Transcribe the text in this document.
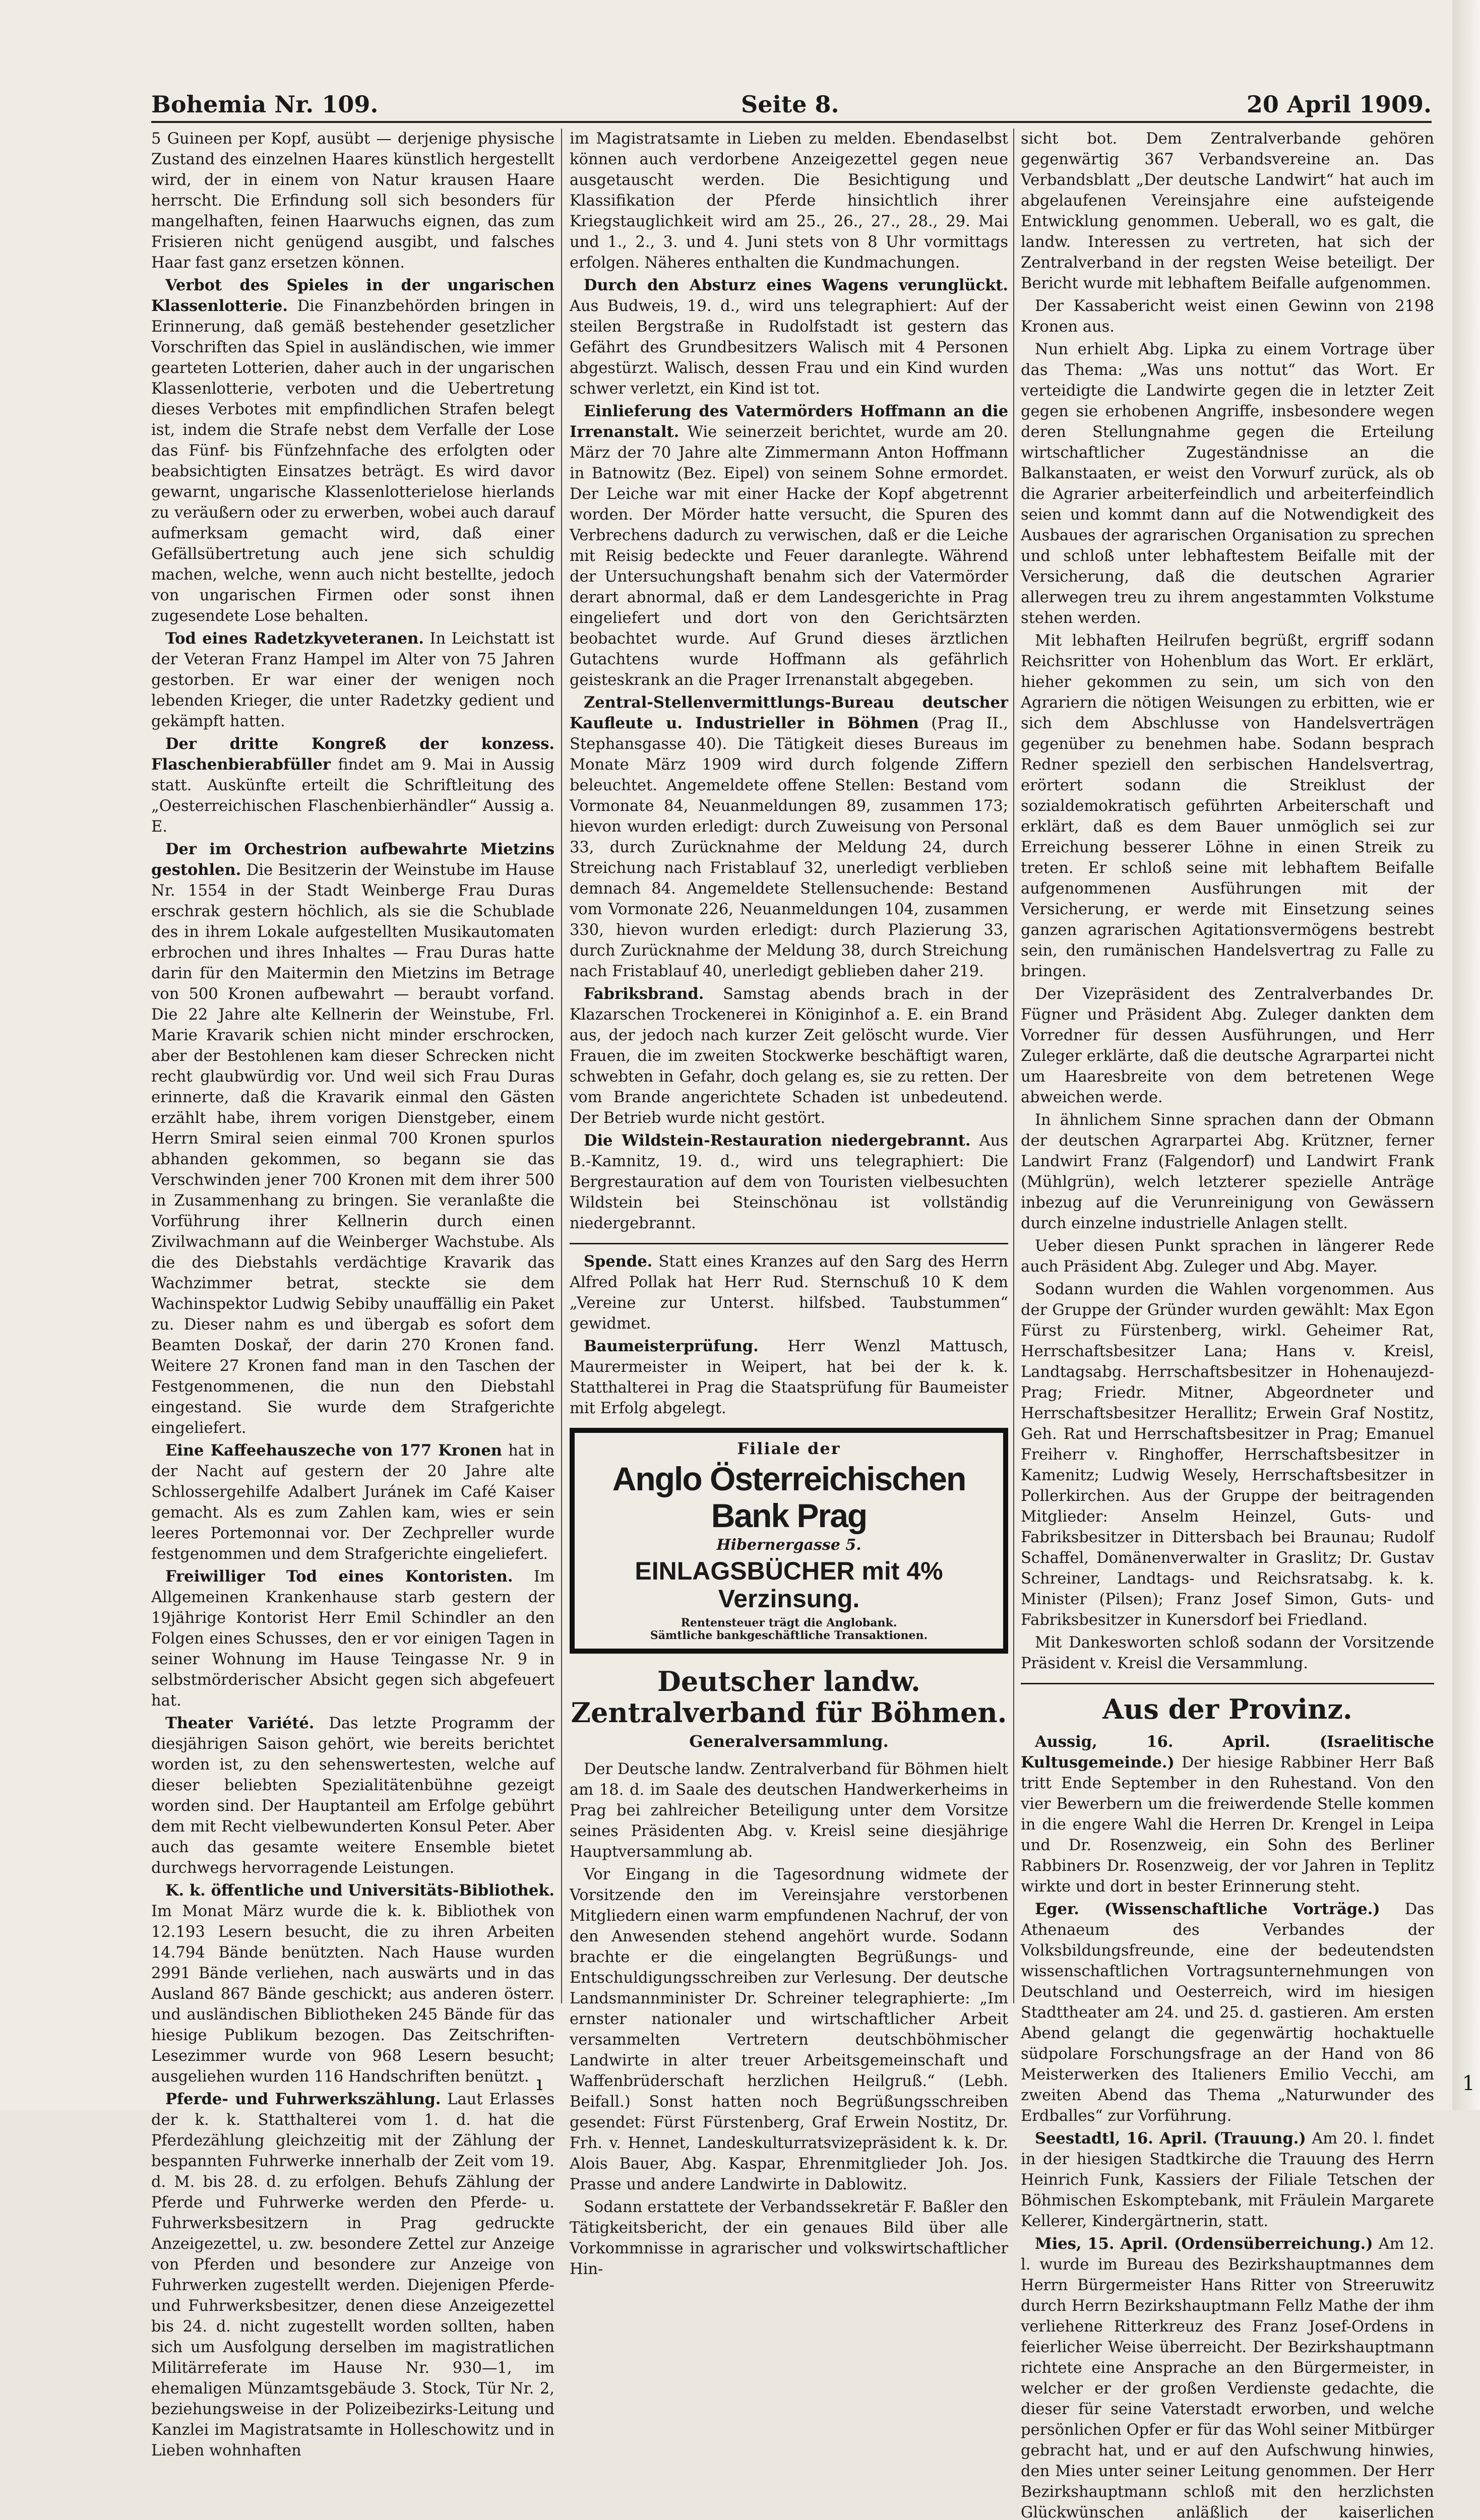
Bohemia Nr. 109.	Seite 8.	20 April 1909.

5 Guineen per Kopf, ausübt — derjenige physische Zustand des einzelnen Haares künstlich hergestellt wird, der in einem von Natur krausen Haare herrscht. Die Erfindung soll sich besonders für mangelhaften, feinen Haarwuchs eignen, das zum Frisieren nicht genügend ausgibt, und falsches Haar fast ganz ersetzen können.

Verbot des Spieles in der ungarischen Klassenlotterie. Die Finanzbehörden bringen in Erinnerung, daß gemäß bestehender gesetzlicher Vorschriften das Spiel in ausländischen, wie immer gearteten Lotterien, daher auch in der ungarischen Klassenlotterie, verboten und die Uebertretung dieses Verbotes mit empfindlichen Strafen belegt ist, indem die Strafe nebst dem Verfalle der Lose das Fünf- bis Fünfzehnfache des erfolgten oder beabsichtigten Einsatzes beträgt. Es wird davor gewarnt, ungarische Klassenlotterielose hierlands zu veräußern oder zu erwerben, wobei auch darauf aufmerksam gemacht wird, daß einer Gefällsübertretung auch jene sich schuldig machen, welche, wenn auch nicht bestellte, jedoch von ungarischen Firmen oder sonst ihnen zugesendete Lose behalten.

Tod eines Radetzkyveteranen. In Leichstatt ist der Veteran Franz Hampel im Alter von 75 Jahren gestorben. Er war einer der wenigen noch lebenden Krieger, die unter Radetzky gedient und gekämpft hatten.

Der dritte Kongreß der konzess. Flaschenbierabfüller findet am 9. Mai in Aussig statt. Auskünfte erteilt die Schriftleitung des „Oesterreichischen Flaschenbierhändler“ Aussig a. E.

Der im Orchestrion aufbewahrte Mietzins gestohlen. Die Besitzerin der Weinstube im Hause Nr. 1554 in der Stadt Weinberge Frau Duras erschrak gestern höchlich, als sie die Schublade des in ihrem Lokale aufgestellten Musikautomaten erbrochen und ihres Inhaltes — Frau Duras hatte darin für den Maitermin den Mietzins im Betrage von 500 Kronen aufbewahrt — beraubt vorfand. Die 22 Jahre alte Kellnerin der Weinstube, Frl. Marie Kravarik schien nicht minder erschrocken, aber der Bestohlenen kam dieser Schrecken nicht recht glaubwürdig vor. Und weil sich Frau Duras erinnerte, daß die Kravarik einmal den Gästen erzählt habe, ihrem vorigen Dienstgeber, einem Herrn Smiral seien einmal 700 Kronen spurlos abhanden gekommen, so begann sie das Verschwinden jener 700 Kronen mit dem ihrer 500 in Zusammenhang zu bringen. Sie veranlaßte die Vorführung ihrer Kellnerin durch einen Zivilwachmann auf die Weinberger Wachstube. Als die des Diebstahls verdächtige Kravarik das Wachzimmer betrat, steckte sie dem Wachinspektor Ludwig Sebiby unauffällig ein Paket zu. Dieser nahm es und übergab es sofort dem Beamten Doskař, der darin 270 Kronen fand. Weitere 27 Kronen fand man in den Taschen der Festgenommenen, die nun den Diebstahl eingestand. Sie wurde dem Strafgerichte eingeliefert.

Eine Kaffeehauszeche von 177 Kronen hat in der Nacht auf gestern der 20 Jahre alte Schlossergehilfe Adalbert Juránek im Café Kaiser gemacht. Als es zum Zahlen kam, wies er sein leeres Portemonnai vor. Der Zechpreller wurde festgenommen und dem Strafgerichte eingeliefert.

Freiwilliger Tod eines Kontoristen. Im Allgemeinen Krankenhause starb gestern der 19jährige Kontorist Herr Emil Schindler an den Folgen eines Schusses, den er vor einigen Tagen in seiner Wohnung im Hause Teingasse Nr. 9 in selbstmörderischer Absicht gegen sich abgefeuert hat.

Theater Variété. Das letzte Programm der diesjährigen Saison gehört, wie bereits berichtet worden ist, zu den sehenswertesten, welche auf dieser beliebten Spezialitätenbühne gezeigt worden sind. Der Hauptanteil am Erfolge gebührt dem mit Recht vielbewunderten Konsul Peter. Aber auch das gesamte weitere Ensemble bietet durchwegs hervorragende Leistungen.

K. k. öffentliche und Universitäts-Bibliothek. Im Monat März wurde die k. k. Bibliothek von 12.193 Lesern besucht, die zu ihren Arbeiten 14.794 Bände benützten. Nach Hause wurden 2991 Bände verliehen, nach auswärts und in das Ausland 867 Bände geschickt; aus anderen österr. und ausländischen Bibliotheken 245 Bände für das hiesige Publikum bezogen. Das Zeitschriften-Lesezimmer wurde von 968 Lesern besucht; ausgeliehen wurden 116 Handschriften benützt.

Pferde- und Fuhrwerkszählung. Laut Erlasses der k. k. Statthalterei vom 1. d. hat die Pferdezählung gleichzeitig mit der Zählung der bespannten Fuhrwerke innerhalb der Zeit vom 19. d. M. bis 28. d. zu erfolgen. Behufs Zählung der Pferde und Fuhrwerke werden den Pferde- u. Fuhrwerksbesitzern in Prag gedruckte Anzeigezettel, u. zw. besondere Zettel zur Anzeige von Pferden und besondere zur Anzeige von Fuhrwerken zugestellt werden. Diejenigen Pferde- und Fuhrwerksbesitzer, denen diese Anzeigezettel bis 24. d. nicht zugestellt worden sollten, haben sich um Ausfolgung derselben im magistratlichen Militärreferate im Hause Nr. 930—1, im ehemaligen Münzamtsgebäude 3. Stock, Tür Nr. 2, beziehungsweise in der Polizeibezirks-Leitung und Kanzlei im Magistratsamte in Holleschowitz und in Lieben wohnhaften

im Magistratsamte in Lieben zu melden. Ebendaselbst können auch verdorbene Anzeigezettel gegen neue ausgetauscht werden. Die Besichtigung und Klassifikation der Pferde hinsichtlich ihrer Kriegstauglichkeit wird am 25., 26., 27., 28., 29. Mai und 1., 2., 3. und 4. Juni stets von 8 Uhr vormittags erfolgen. Näheres enthalten die Kundmachungen.

Durch den Absturz eines Wagens verunglückt. Aus Budweis, 19. d., wird uns telegraphiert: Auf der steilen Bergstraße in Rudolfstadt ist gestern das Gefährt des Grundbesitzers Walisch mit 4 Personen abgestürzt. Walisch, dessen Frau und ein Kind wurden schwer verletzt, ein Kind ist tot.

Einlieferung des Vatermörders Hoffmann an die Irrenanstalt. Wie seinerzeit berichtet, wurde am 20. März der 70 Jahre alte Zimmermann Anton Hoffmann in Batnowitz (Bez. Eipel) von seinem Sohne ermordet. Der Leiche war mit einer Hacke der Kopf abgetrennt worden. Der Mörder hatte versucht, die Spuren des Verbrechens dadurch zu verwischen, daß er die Leiche mit Reisig bedeckte und Feuer daranlegte. Während der Untersuchungshaft benahm sich der Vatermörder derart abnormal, daß er dem Landesgerichte in Prag eingeliefert und dort von den Gerichtsärzten beobachtet wurde. Auf Grund dieses ärztlichen Gutachtens wurde Hoffmann als gefährlich geisteskrank an die Prager Irrenanstalt abgegeben.

Zentral-Stellenvermittlungs-Bureau deutscher Kaufleute u. Industrieller in Böhmen (Prag II., Stephansgasse 40). Die Tätigkeit dieses Bureaus im Monate März 1909 wird durch folgende Ziffern beleuchtet. Angemeldete offene Stellen: Bestand vom Vormonate 84, Neuanmeldungen 89, zusammen 173; hievon wurden erledigt: durch Zuweisung von Personal 33, durch Zurücknahme der Meldung 24, durch Streichung nach Fristablauf 32, unerledigt verblieben demnach 84. Angemeldete Stellensuchende: Bestand vom Vormonate 226, Neuanmeldungen 104, zusammen 330, hievon wurden erledigt: durch Plazierung 33, durch Zurücknahme der Meldung 38, durch Streichung nach Fristablauf 40, unerledigt geblieben daher 219.

Fabriksbrand. Samstag abends brach in der Klazarschen Trockenerei in Königinhof a. E. ein Brand aus, der jedoch nach kurzer Zeit gelöscht wurde. Vier Frauen, die im zweiten Stockwerke beschäftigt waren, schwebten in Gefahr, doch gelang es, sie zu retten. Der vom Brande angerichtete Schaden ist unbedeutend. Der Betrieb wurde nicht gestört.

Die Wildstein-Restauration niedergebrannt. Aus B.-Kamnitz, 19. d., wird uns telegraphiert: Die Bergrestauration auf dem von Touristen vielbesuchten Wildstein bei Steinschönau ist vollständig niedergebrannt.

Spende. Statt eines Kranzes auf den Sarg des Herrn Alfred Pollak hat Herr Rud. Sternschuß 10 K dem „Vereine zur Unterst. hilfsbed. Taubstummen“ gewidmet.

Baumeisterprüfung. Herr Wenzl Mattusch, Maurermeister in Weipert, hat bei der k. k. Statthalterei in Prag die Staatsprüfung für Baumeister mit Erfolg abgelegt.

Filiale der
Anglo Österreichischen Bank Prag
Hibernergasse 5.
EINLAGSBÜCHER mit 4% Verzinsung.
Rentensteuer trägt die Anglobank.
Sämtliche bankgeschäftliche Transaktionen.
Deutscher landw. Zentralverband für Böhmen.
Generalversammlung.

Der Deutsche landw. Zentralverband für Böhmen hielt am 18. d. im Saale des deutschen Handwerkerheims in Prag bei zahlreicher Beteiligung unter dem Vorsitze seines Präsidenten Abg. v. Kreisl seine diesjährige Hauptversammlung ab.

Vor Eingang in die Tagesordnung widmete der Vorsitzende den im Vereinsjahre verstorbenen Mitgliedern einen warm empfundenen Nachruf, der von den Anwesenden stehend angehört wurde. Sodann brachte er die eingelangten Begrüßungs- und Entschuldigungsschreiben zur Verlesung. Der deutsche Landsmannminister Dr. Schreiner telegraphierte: „Im ernster nationaler und wirtschaftlicher Arbeit versammelten Vertretern deutschböhmischer Landwirte in alter treuer Arbeitsgemeinschaft und Waffenbrüderschaft herzlichen Heilgruß.“ (Lebh. Beifall.) Sonst hatten noch Begrüßungsschreiben gesendet: Fürst Fürstenberg, Graf Erwein Nostitz, Dr. Frh. v. Hennet, Landeskulturratsvizepräsident k. k. Dr. Alois Bauer, Abg. Kaspar, Ehrenmitglieder Joh. Jos. Prasse und andere Landwirte in Dablowitz.

Sodann erstattete der Verbandssekretär F. Baßler den Tätigkeitsbericht, der ein genaues Bild über alle Vorkommnisse in agrarischer und volkswirtschaftlicher Hin-

sicht bot. Dem Zentralverbande gehören gegenwärtig 367 Verbandsvereine an. Das Verbandsblatt „Der deutsche Landwirt“ hat auch im abgelaufenen Vereinsjahre eine aufsteigende Entwicklung genommen. Ueberall, wo es galt, die landw. Interessen zu vertreten, hat sich der Zentralverband in der regsten Weise beteiligt. Der Bericht wurde mit lebhaftem Beifalle aufgenommen.

Der Kassabericht weist einen Gewinn von 2198 Kronen aus.

Nun erhielt Abg. Lipka zu einem Vortrage über das Thema: „Was uns nottut“ das Wort. Er verteidigte die Landwirte gegen die in letzter Zeit gegen sie erhobenen Angriffe, insbesondere wegen deren Stellungnahme gegen die Erteilung wirtschaftlicher Zugeständnisse an die Balkanstaaten, er weist den Vorwurf zurück, als ob die Agrarier arbeiterfeindlich und arbeiterfeindlich seien und kommt dann auf die Notwendigkeit des Ausbaues der agrarischen Organisation zu sprechen und schloß unter lebhaftestem Beifalle mit der Versicherung, daß die deutschen Agrarier allerwegen treu zu ihrem angestammten Volkstume stehen werden.

Mit lebhaften Heilrufen begrüßt, ergriff sodann Reichsritter von Hohenblum das Wort. Er erklärt, hieher gekommen zu sein, um sich von den Agrariern die nötigen Weisungen zu erbitten, wie er sich dem Abschlusse von Handelsverträgen gegenüber zu benehmen habe. Sodann besprach Redner speziell den serbischen Handelsvertrag, erörtert sodann die Streiklust der sozialdemokratisch geführten Arbeiterschaft und erklärt, daß es dem Bauer unmöglich sei zur Erreichung besserer Löhne in einen Streik zu treten. Er schloß seine mit lebhaftem Beifalle aufgenommenen Ausführungen mit der Versicherung, er werde mit Einsetzung seines ganzen agrarischen Agitationsvermögens bestrebt sein, den rumänischen Handelsvertrag zu Falle zu bringen.

Der Vizepräsident des Zentralverbandes Dr. Fügner und Präsident Abg. Zuleger dankten dem Vorredner für dessen Ausführungen, und Herr Zuleger erklärte, daß die deutsche Agrarpartei nicht um Haaresbreite von dem betretenen Wege abweichen werde.

In ähnlichem Sinne sprachen dann der Obmann der deutschen Agrarpartei Abg. Krützner, ferner Landwirt Franz (Falgendorf) und Landwirt Frank (Mühlgrün), welch letzterer spezielle Anträge inbezug auf die Verunreinigung von Gewässern durch einzelne industrielle Anlagen stellt.

Ueber diesen Punkt sprachen in längerer Rede auch Präsident Abg. Zuleger und Abg. Mayer.

Sodann wurden die Wahlen vorgenommen. Aus der Gruppe der Gründer wurden gewählt: Max Egon Fürst zu Fürstenberg, wirkl. Geheimer Rat, Herrschaftsbesitzer Lana; Hans v. Kreisl, Landtagsabg. Herrschaftsbesitzer in Hohenaujezd-Prag; Friedr. Mitner, Abgeordneter und Herrschaftsbesitzer Herallitz; Erwein Graf Nostitz, Geh. Rat und Herrschaftsbesitzer in Prag; Emanuel Freiherr v. Ringhoffer, Herrschaftsbesitzer in Kamenitz; Ludwig Wesely, Herrschaftsbesitzer in Pollerkirchen. Aus der Gruppe der beitragenden Mitglieder: Anselm Heinzel, Guts- und Fabriksbesitzer in Dittersbach bei Braunau; Rudolf Schaffel, Domänenverwalter in Graslitz; Dr. Gustav Schreiner, Landtags- und Reichsratsabg. k. k. Minister (Pilsen); Franz Josef Simon, Guts- und Fabriksbesitzer in Kunersdorf bei Friedland.

Mit Dankesworten schloß sodann der Vorsitzende Präsident v. Kreisl die Versammlung.

Aus der Provinz.

Aussig, 16. April. (Israelitische Kultusgemeinde.) Der hiesige Rabbiner Herr Baß tritt Ende September in den Ruhestand. Von den vier Bewerbern um die freiwerdende Stelle kommen in die engere Wahl die Herren Dr. Krengel in Leipa und Dr. Rosenzweig, ein Sohn des Berliner Rabbiners Dr. Rosenzweig, der vor Jahren in Teplitz wirkte und dort in bester Erinnerung steht.

Eger. (Wissenschaftliche Vorträge.) Das Athenaeum des Verbandes der Volksbildungsfreunde, eine der bedeutendsten wissenschaftlichen Vortragsunternehmungen von Deutschland und Oesterreich, wird im hiesigen Stadttheater am 24. und 25. d. gastieren. Am ersten Abend gelangt die gegenwärtig hochaktuelle südpolare Forschungsfrage an der Hand von 86 Meisterwerken des Italieners Emilio Vecchi, am zweiten Abend das Thema „Naturwunder des Erdballes“ zur Vorführung.

Seestadtl, 16. April. (Trauung.) Am 20. l. findet in der hiesigen Stadtkirche die Trauung des Herrn Heinrich Funk, Kassiers der Filiale Tetschen der Böhmischen Eskomptebank, mit Fräulein Margarete Kellerer, Kindergärtnerin, statt.

Mies, 15. April. (Ordensüberreichung.) Am 12. l. wurde im Bureau des Bezirkshauptmannes dem Herrn Bürgermeister Hans Ritter von Streeruwitz durch Herrn Bezirkshauptmann Fellz Mathe der ihm verliehene Ritterkreuz des Franz Josef-Ordens in feierlicher Weise überreicht. Der Bezirkshauptmann richtete eine Ansprache an den Bürgermeister, in welcher er der großen Verdienste gedachte, die dieser für seine Vaterstadt erworben, und welche persönlichen Opfer er für das Wohl seiner Mitbürger gebracht hat, und er auf den Aufschwung hinwies, den Mies unter seiner Leitung genommen. Der Herr Bezirkshauptmann schloß mit den herzlichsten Glückwünschen anläßlich der kaiserlichen

ı	1
